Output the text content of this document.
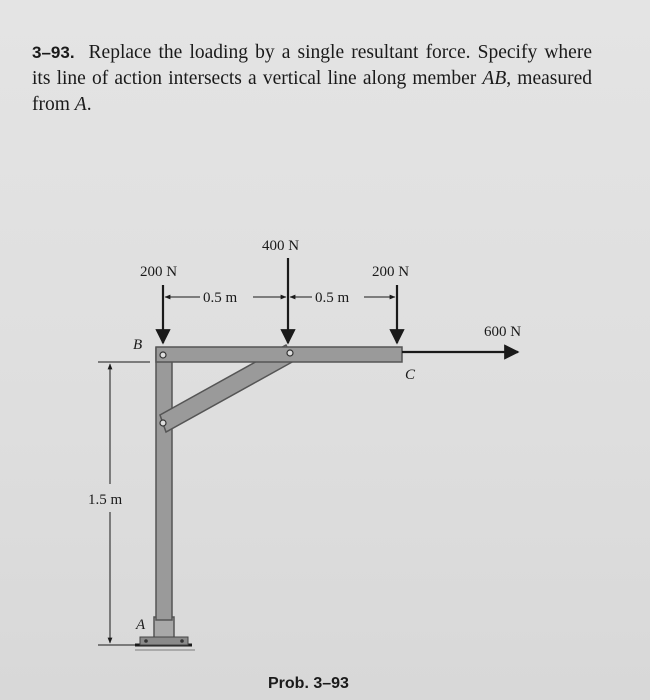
3–93. Replace the loading by a single resultant force. Specify where its line of action intersects a vertical line along member AB, measured from A.
200 N
400 N
200 N
600 N
0.5 m	0.5 m
1.5 m
B
C
A
Prob. 3–93
